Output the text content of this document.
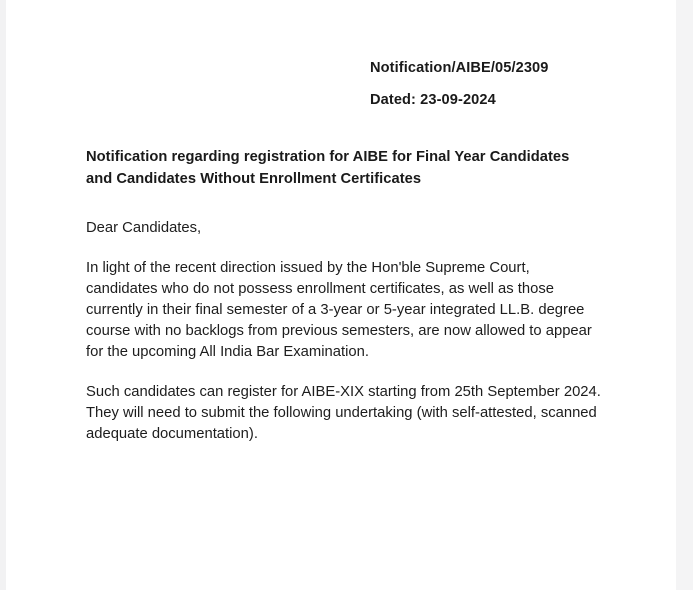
Notification/AIBE/05/2309
Dated: 23-09-2024
Notification regarding registration for AIBE for Final Year Candidates and Candidates Without Enrollment Certificates

Dear Candidates,

In light of the recent direction issued by the Hon'ble Supreme Court, candidates who do not possess enrollment certificates, as well as those currently in their final semester of a 3-year or 5-year integrated LL.B. degree course with no backlogs from previous semesters, are now allowed to appear for the upcoming All India Bar Examination.

Such candidates can register for AIBE-XIX starting from 25th September 2024. They will need to submit the following undertaking (with self-attested, scanned adequate documentation).
